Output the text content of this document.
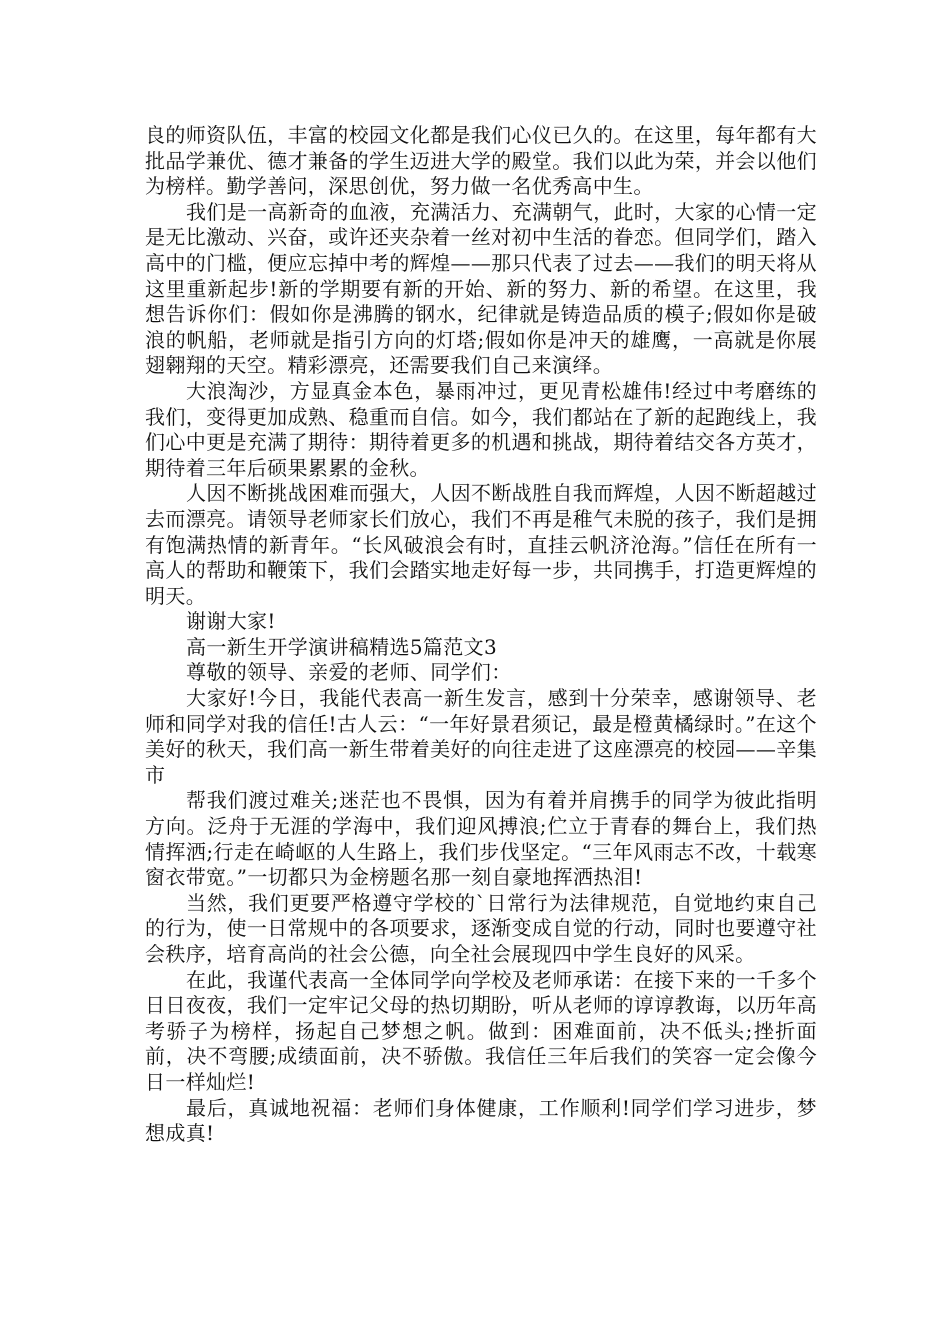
良的师资队伍，丰富的校园文化都是我们心仪已久的。在这里，每年都有大批品学兼优、德才兼备的学生迈进大学的殿堂。我们以此为荣，并会以他们为榜样。勤学善问，深思创优，努力做一名优秀高中生。

我们是一高新奇的血液，充满活力、充满朝气，此时，大家的心情一定是无比激动、兴奋，或许还夹杂着一丝对初中生活的眷恋。但同学们，踏入高中的门槛，便应忘掉中考的辉煌——那只代表了过去——我们的明天将从这里重新起步!新的学期要有新的开始、新的努力、新的希望。在这里，我想告诉你们：假如你是沸腾的钢水，纪律就是铸造品质的模子;假如你是破浪的帆船，老师就是指引方向的灯塔;假如你是冲天的雄鹰，一高就是你展翅翱翔的天空。精彩漂亮，还需要我们自己来演绎。

大浪淘沙，方显真金本色，暴雨冲过，更见青松雄伟!经过中考磨练的我们，变得更加成熟、稳重而自信。如今，我们都站在了新的起跑线上，我们心中更是充满了期待：期待着更多的机遇和挑战，期待着结交各方英才，期待着三年后硕果累累的金秋。

人因不断挑战困难而强大，人因不断战胜自我而辉煌，人因不断超越过去而漂亮。请领导老师家长们放心，我们不再是稚气未脱的孩子，我们是拥有饱满热情的新青年。“长风破浪会有时，直挂云帆济沧海。”信任在所有一高人的帮助和鞭策下，我们会踏实地走好每一步，共同携手，打造更辉煌的明天。

谢谢大家!

高一新生开学演讲稿精选5篇范文3

尊敬的领导、亲爱的老师、同学们：

大家好!今日，我能代表高一新生发言，感到十分荣幸，感谢领导、老师和同学对我的信任!古人云：“一年好景君须记，最是橙黄橘绿时。”在这个美好的秋天，我们高一新生带着美好的向往走进了这座漂亮的校园——辛集市

帮我们渡过难关;迷茫也不畏惧，因为有着并肩携手的同学为彼此指明方向。泛舟于无涯的学海中，我们迎风搏浪;伫立于青春的舞台上，我们热情挥洒;行走在崎岖的人生路上，我们步伐坚定。“三年风雨志不改，十载寒窗衣带宽。”一切都只为金榜题名那一刻自豪地挥洒热泪!

当然，我们更要严格遵守学校的`日常行为法律规范，自觉地约束自己的行为，使一日常规中的各项要求，逐渐变成自觉的行动，同时也要遵守社会秩序，培育高尚的社会公德，向全社会展现四中学生良好的风采。

在此，我谨代表高一全体同学向学校及老师承诺：在接下来的一千多个日日夜夜，我们一定牢记父母的热切期盼，听从老师的谆谆教诲，以历年高考骄子为榜样，扬起自己梦想之帆。做到：困难面前，决不低头;挫折面前，决不弯腰;成绩面前，决不骄傲。我信任三年后我们的笑容一定会像今日一样灿烂!

最后，真诚地祝福：老师们身体健康，工作顺利!同学们学习进步，梦想成真!
